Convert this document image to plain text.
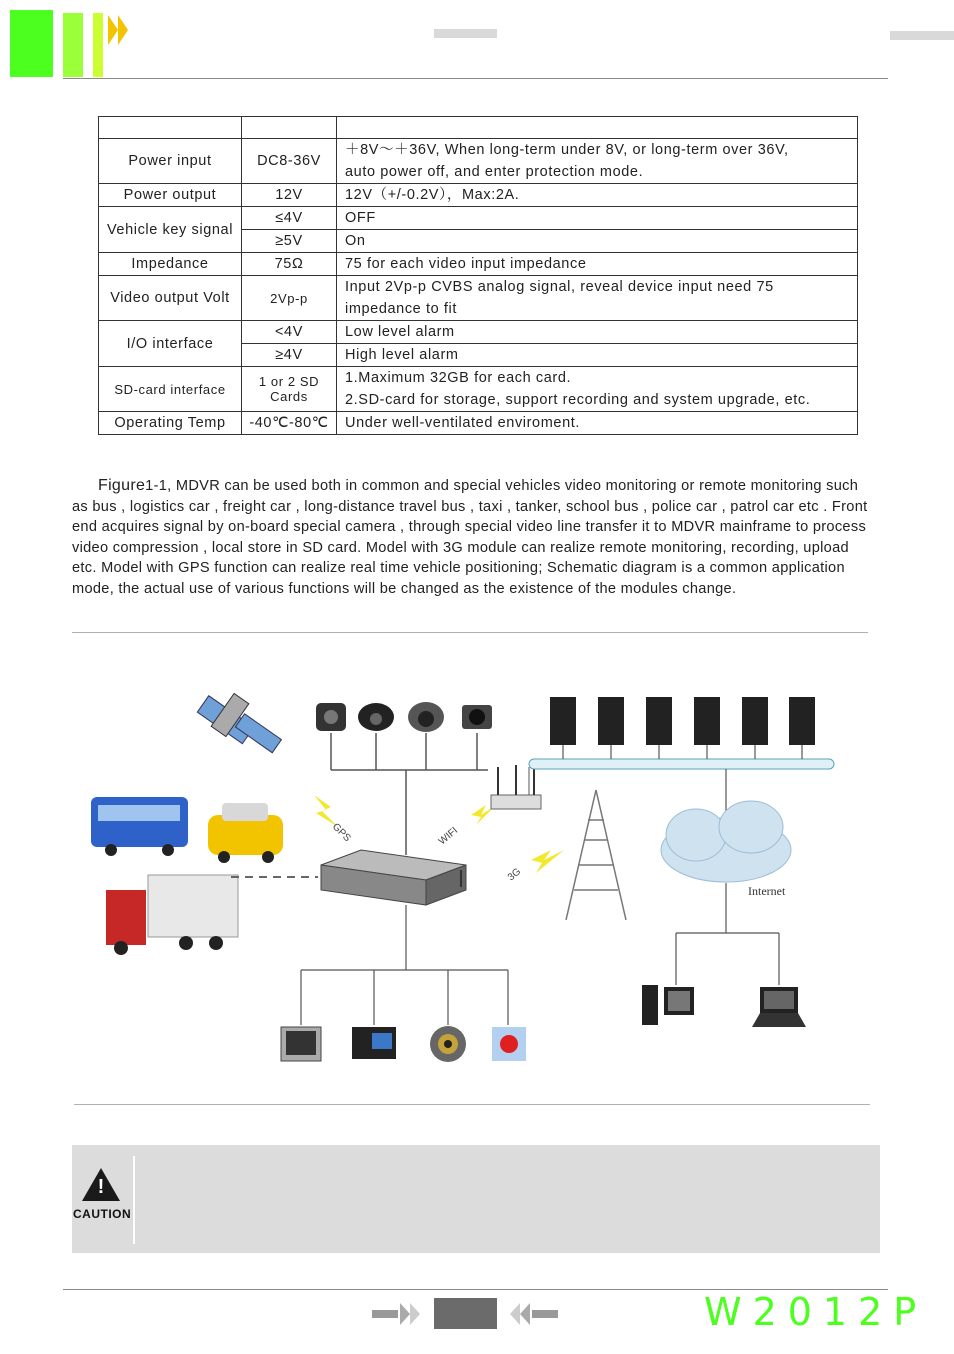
Power input	DC8-36V	＋8V～＋36V, When long-term under 8V, or long-term over 36V,
auto power off, and enter protection mode.

Power output	12V	12V（+/-0.2V），Max:2A.
Vehicle key signal	≤4V	OFF
	≥5V	On
Impedance	75Ω	75 for each video input impedance
Video output Volt	2Vp-p	Input 2Vp-p CVBS analog signal, reveal device input need 75
impedance to fit

I/O interface	<4V	Low level alarm
	≥4V	High level alarm
SD-card interface	1 or 2 SD Cards	1.Maximum 32GB for each card.
2.SD-card for storage, support recording and system upgrade, etc.

Operating Temp	-40℃-80℃	Under well-ventilated enviroment.
Figure1-1, MDVR can be used both in common and special vehicles video monitoring or remote monitoring such as bus , logistics car , freight car , long-distance travel bus , taxi , tanker, school bus , police car , patrol car etc . Front end acquires signal by on-board special camera , through special video line transfer it to MDVR mainframe to process video compression , local store in SD card. Model with 3G module can realize remote monitoring, recording, upload etc. Model with GPS function can realize real time vehicle positioning; Schematic diagram is a common application mode, the actual use of various functions will be changed as the existence of the modules change.
GPS	WIFI
3G
Internet
!
CAUTION
W2012P
